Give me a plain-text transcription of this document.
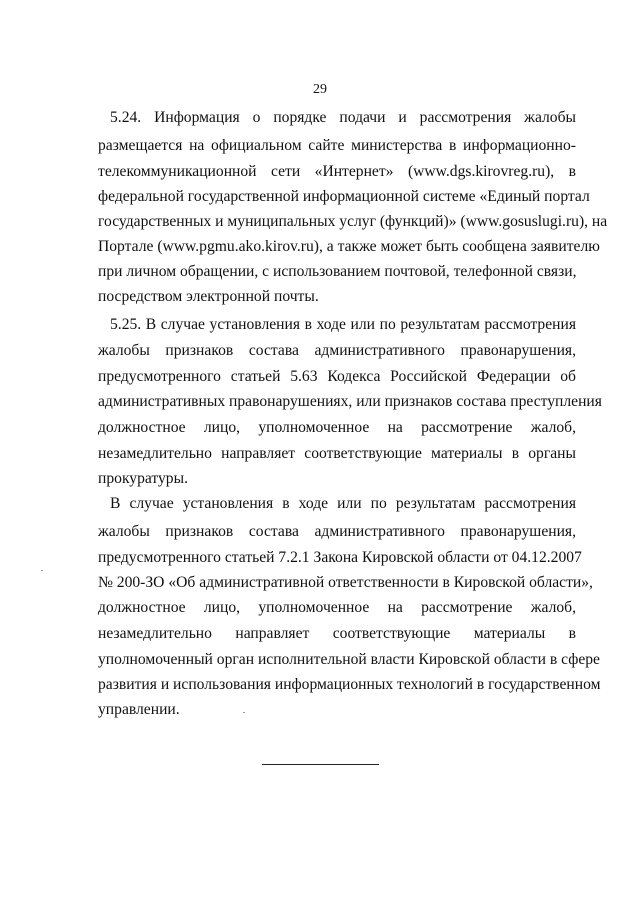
29
5.24. Информация о порядке подачи и рассмотрения жалобы
размещается на официальном сайте министерства в информационно-
телекоммуникационной сети «Интернет» (www.dgs.kirovreg.ru), в
федеральной государственной информационной системе «Единый портал
государственных и муниципальных услуг (функций)» (www.gosuslugi.ru), на
Портале (www.pgmu.ako.kirov.ru), а также может быть сообщена заявителю
при личном обращении, с использованием почтовой, телефонной связи,
посредством электронной почты.
5.25. В случае установления в ходе или по результатам рассмотрения
жалобы признаков состава административного правонарушения,
предусмотренного статьей 5.63 Кодекса Российской Федерации об
административных правонарушениях, или признаков состава преступления
должностное лицо, уполномоченное на рассмотрение жалоб,
незамедлительно направляет соответствующие материалы в органы
прокуратуры.
В случае установления в ходе или по результатам рассмотрения
жалобы признаков состава административного правонарушения,
предусмотренного статьей 7.2.1 Закона Кировской области от 04.12.2007
№ 200-ЗО «Об административной ответственности в Кировской области»,
должностное лицо, уполномоченное на рассмотрение жалоб,
незамедлительно направляет соответствующие материалы в
уполномоченный орган исполнительной власти Кировской области в сфере
развития и использования информационных технологий в государственном
управлении.
